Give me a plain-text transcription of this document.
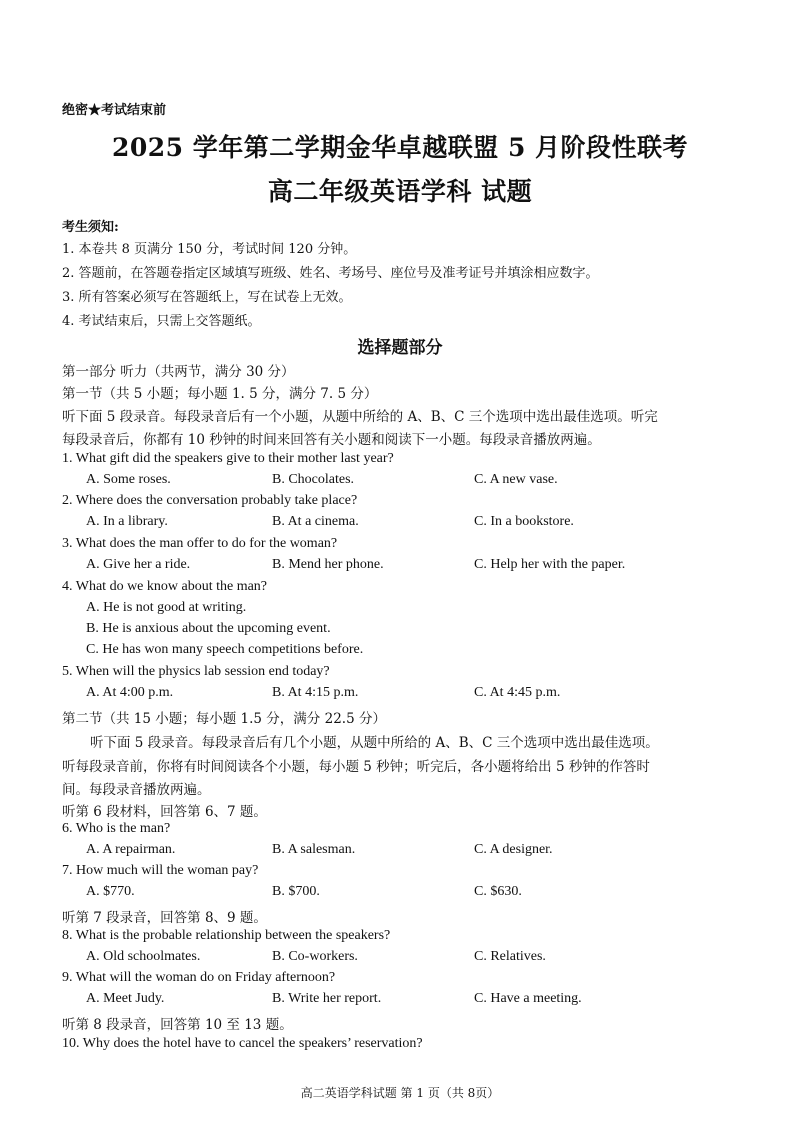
绝密★考试结束前
2025 学年第二学期金华卓越联盟 5 月阶段性联考
高二年级英语学科 试题
考生须知:
1. 本卷共 8 页满分 150 分，考试时间 120 分钟。
2. 答题前，在答题卷指定区域填写班级、姓名、考场号、座位号及准考证号并填涂相应数字。
3. 所有答案必须写在答题纸上，写在试卷上无效。
4. 考试结束后，只需上交答题纸。
选择题部分
第一部分 听力（共两节，满分 30 分）
第一节（共 5 小题；每小题 1. 5 分，满分 7. 5 分）
听下面 5 段录音。每段录音后有一个小题，从题中所给的 A、B、C 三个选项中选出最佳选项。听完
每段录音后，你都有 10 秒钟的时间来回答有关小题和阅读下一小题。每段录音播放两遍。
1. What gift did the speakers give to their mother last year?
A. Some roses.	B. Chocolates.	C. A new vase.
2. Where does the conversation probably take place?
A. In a library.	B. At a cinema.	C. In a bookstore.
3. What does the man offer to do for the woman?
A. Give her a ride.	B. Mend her phone.	C. Help her with the paper.
4. What do we know about the man?
A. He is not good at writing.
B. He is anxious about the upcoming event.
C. He has won many speech competitions before.
5. When will the physics lab session end today?
A. At 4:00 p.m.	B. At 4:15 p.m.	C. At 4:45 p.m.
第二节（共 15 小题；每小题 1.5 分，满分 22.5 分）
听下面 5 段录音。每段录音后有几个小题，从题中所给的 A、B、C 三个选项中选出最佳选项。
听每段录音前，你将有时间阅读各个小题，每小题 5 秒钟；听完后，各小题将给出 5 秒钟的作答时
间。每段录音播放两遍。
听第 6 段材料，回答第 6、7 题。
6. Who is the man?
A. A repairman.	B. A salesman.	C. A designer.
7. How much will the woman pay?
A. $770.	B. $700.	C. $630.
听第 7 段录音，回答第 8、9 题。
8. What is the probable relationship between the speakers?
A. Old schoolmates.	B. Co-workers.	C. Relatives.
9. What will the woman do on Friday afternoon?
A. Meet Judy.	B. Write her report.	C. Have a meeting.
听第 8 段录音，回答第 10 至 13 题。
10. Why does the hotel have to cancel the speakers’ reservation?
高二英语学科试题 第 1 页（共 8页）
